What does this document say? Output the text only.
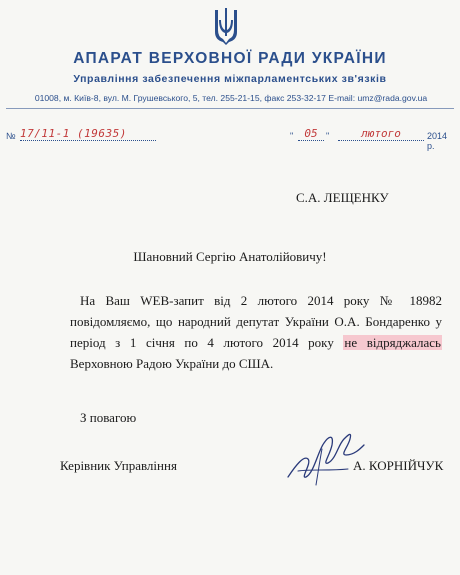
АПАРАТ ВЕРХОВНОЇ РАДИ УКРАЇНИ
Управління забезпечення міжпарламентських зв'язків
01008, м. Київ-8, вул. М. Грушевського, 5, тел. 255-21-15, факс 253-32-17 E-mail: umz@rada.gov.ua
№ 17/11-1 (19635)	"	05 "	лютого	2014 р.
С.А. ЛЕЩЕНКУ
Шановний Сергію Анатолійовичу!

На Ваш WEB-запит від 2 лютого 2014 року № 18982 повідомляємо, що народний депутат України О.А. Бондаренко у період з 1 січня по 4 лютого 2014 року не відряджалась Верховною Радою України до США.

З повагою
Керівник Управління	А. КОРНІЙЧУК
